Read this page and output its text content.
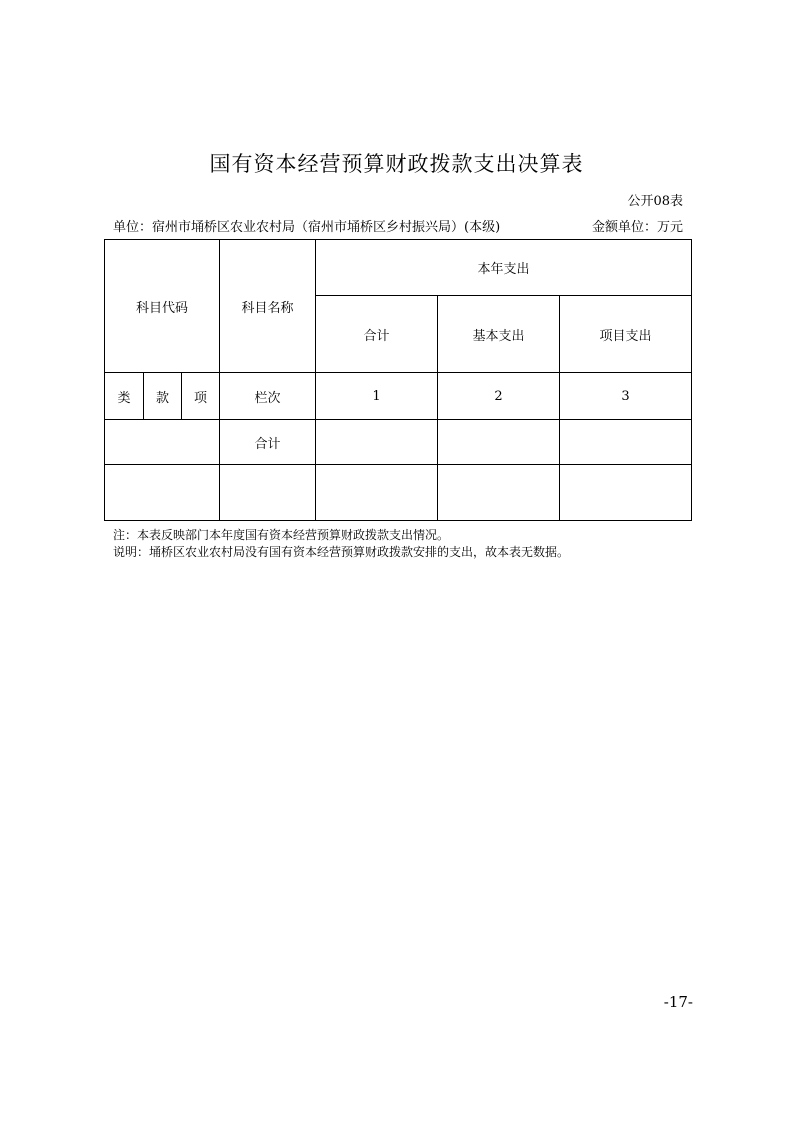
国有资本经营预算财政拨款支出决算表
公开08表
单位：宿州市埇桥区农业农村局（宿州市埇桥区乡村振兴局）(本级)	金额单位：万元
科目代码			科目名称	本年支出		
				合计	基本支出	项目支出
类	款	项	栏次	1	2	3
			合计			

注：本表反映部门本年度国有资本经营预算财政拨款支出情况。
说明：埇桥区农业农村局没有国有资本经营预算财政拨款安排的支出，故本表无数据。
-17-
